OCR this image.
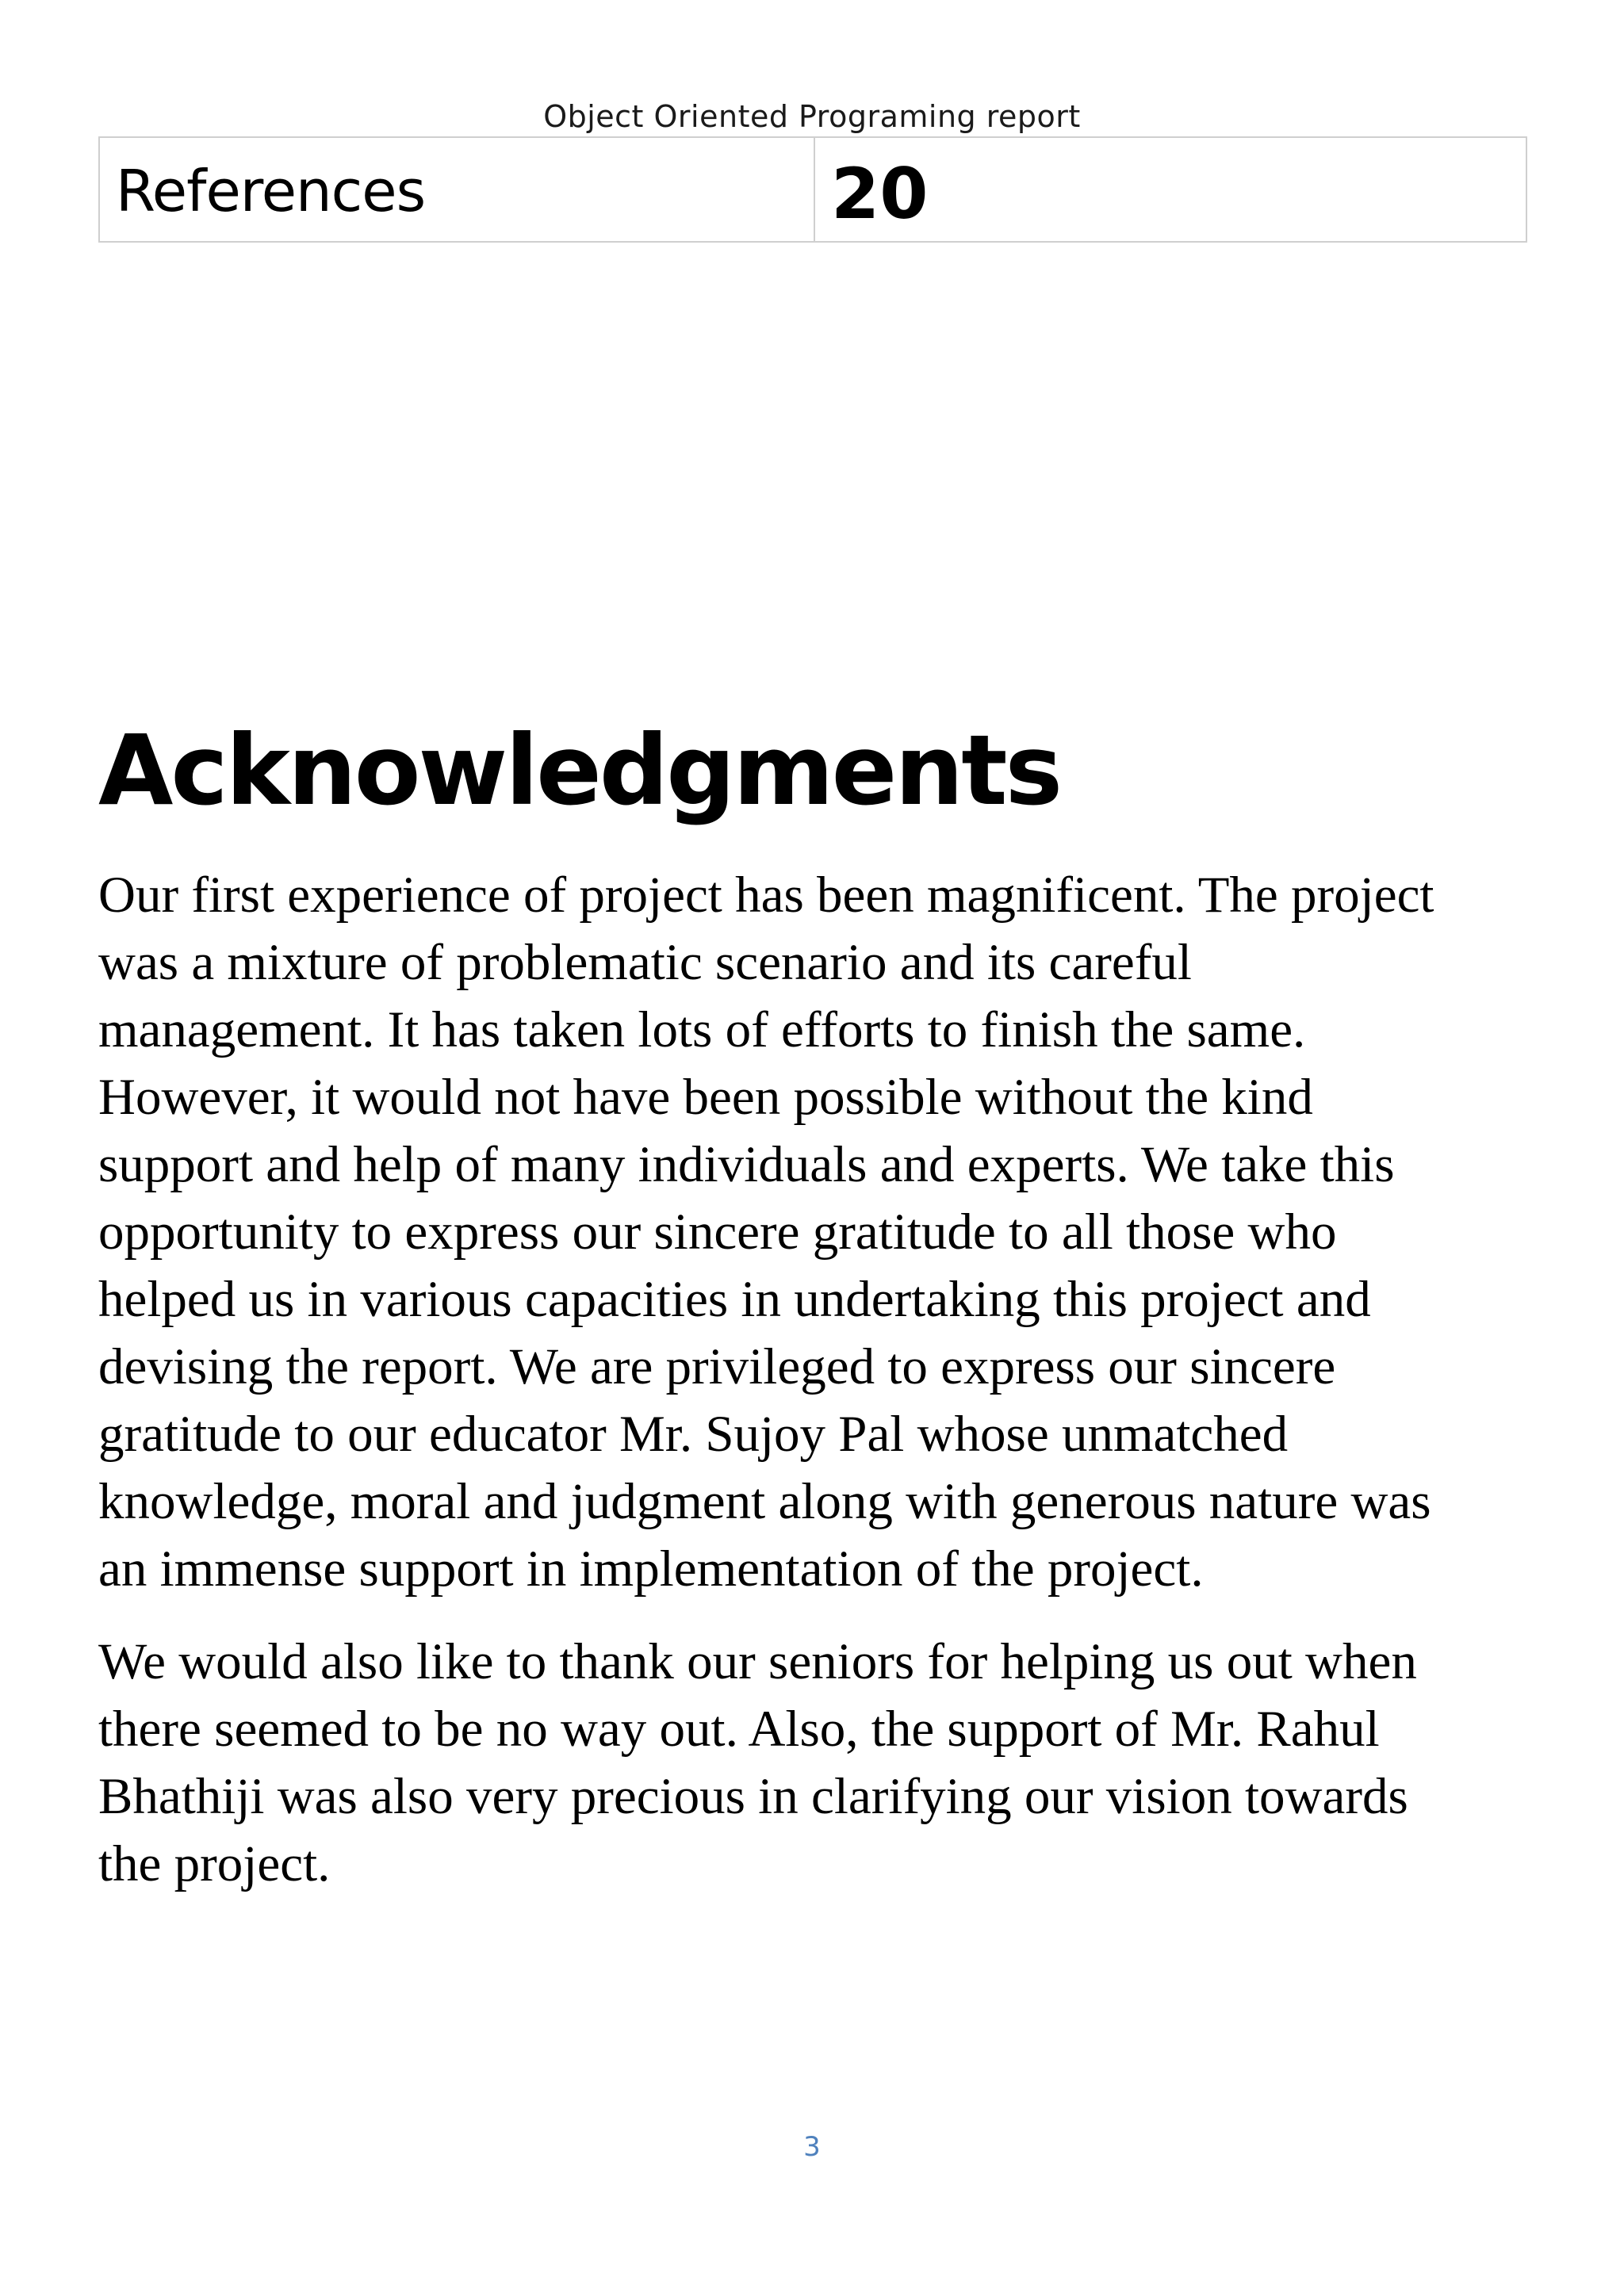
Object Oriented Programing report
References	20
Acknowledgments

Our first experience of project has been magnificent. The project
was a mixture of problematic scenario and its careful
management. It has taken lots of efforts to finish the same.
However, it would not have been possible without the kind
support and help of many individuals and experts. We take this
opportunity to express our sincere gratitude to all those who
helped us in various capacities in undertaking this project and
devising the report. We are privileged to express our sincere
gratitude to our educator Mr. Sujoy Pal whose unmatched
knowledge, moral and judgment along with generous nature was
an immense support in implementation of the project.

We would also like to thank our seniors for helping us out when
there seemed to be no way out. Also, the support of Mr. Rahul
Bhathiji was also very precious in clarifying our vision towards
the project.

3
